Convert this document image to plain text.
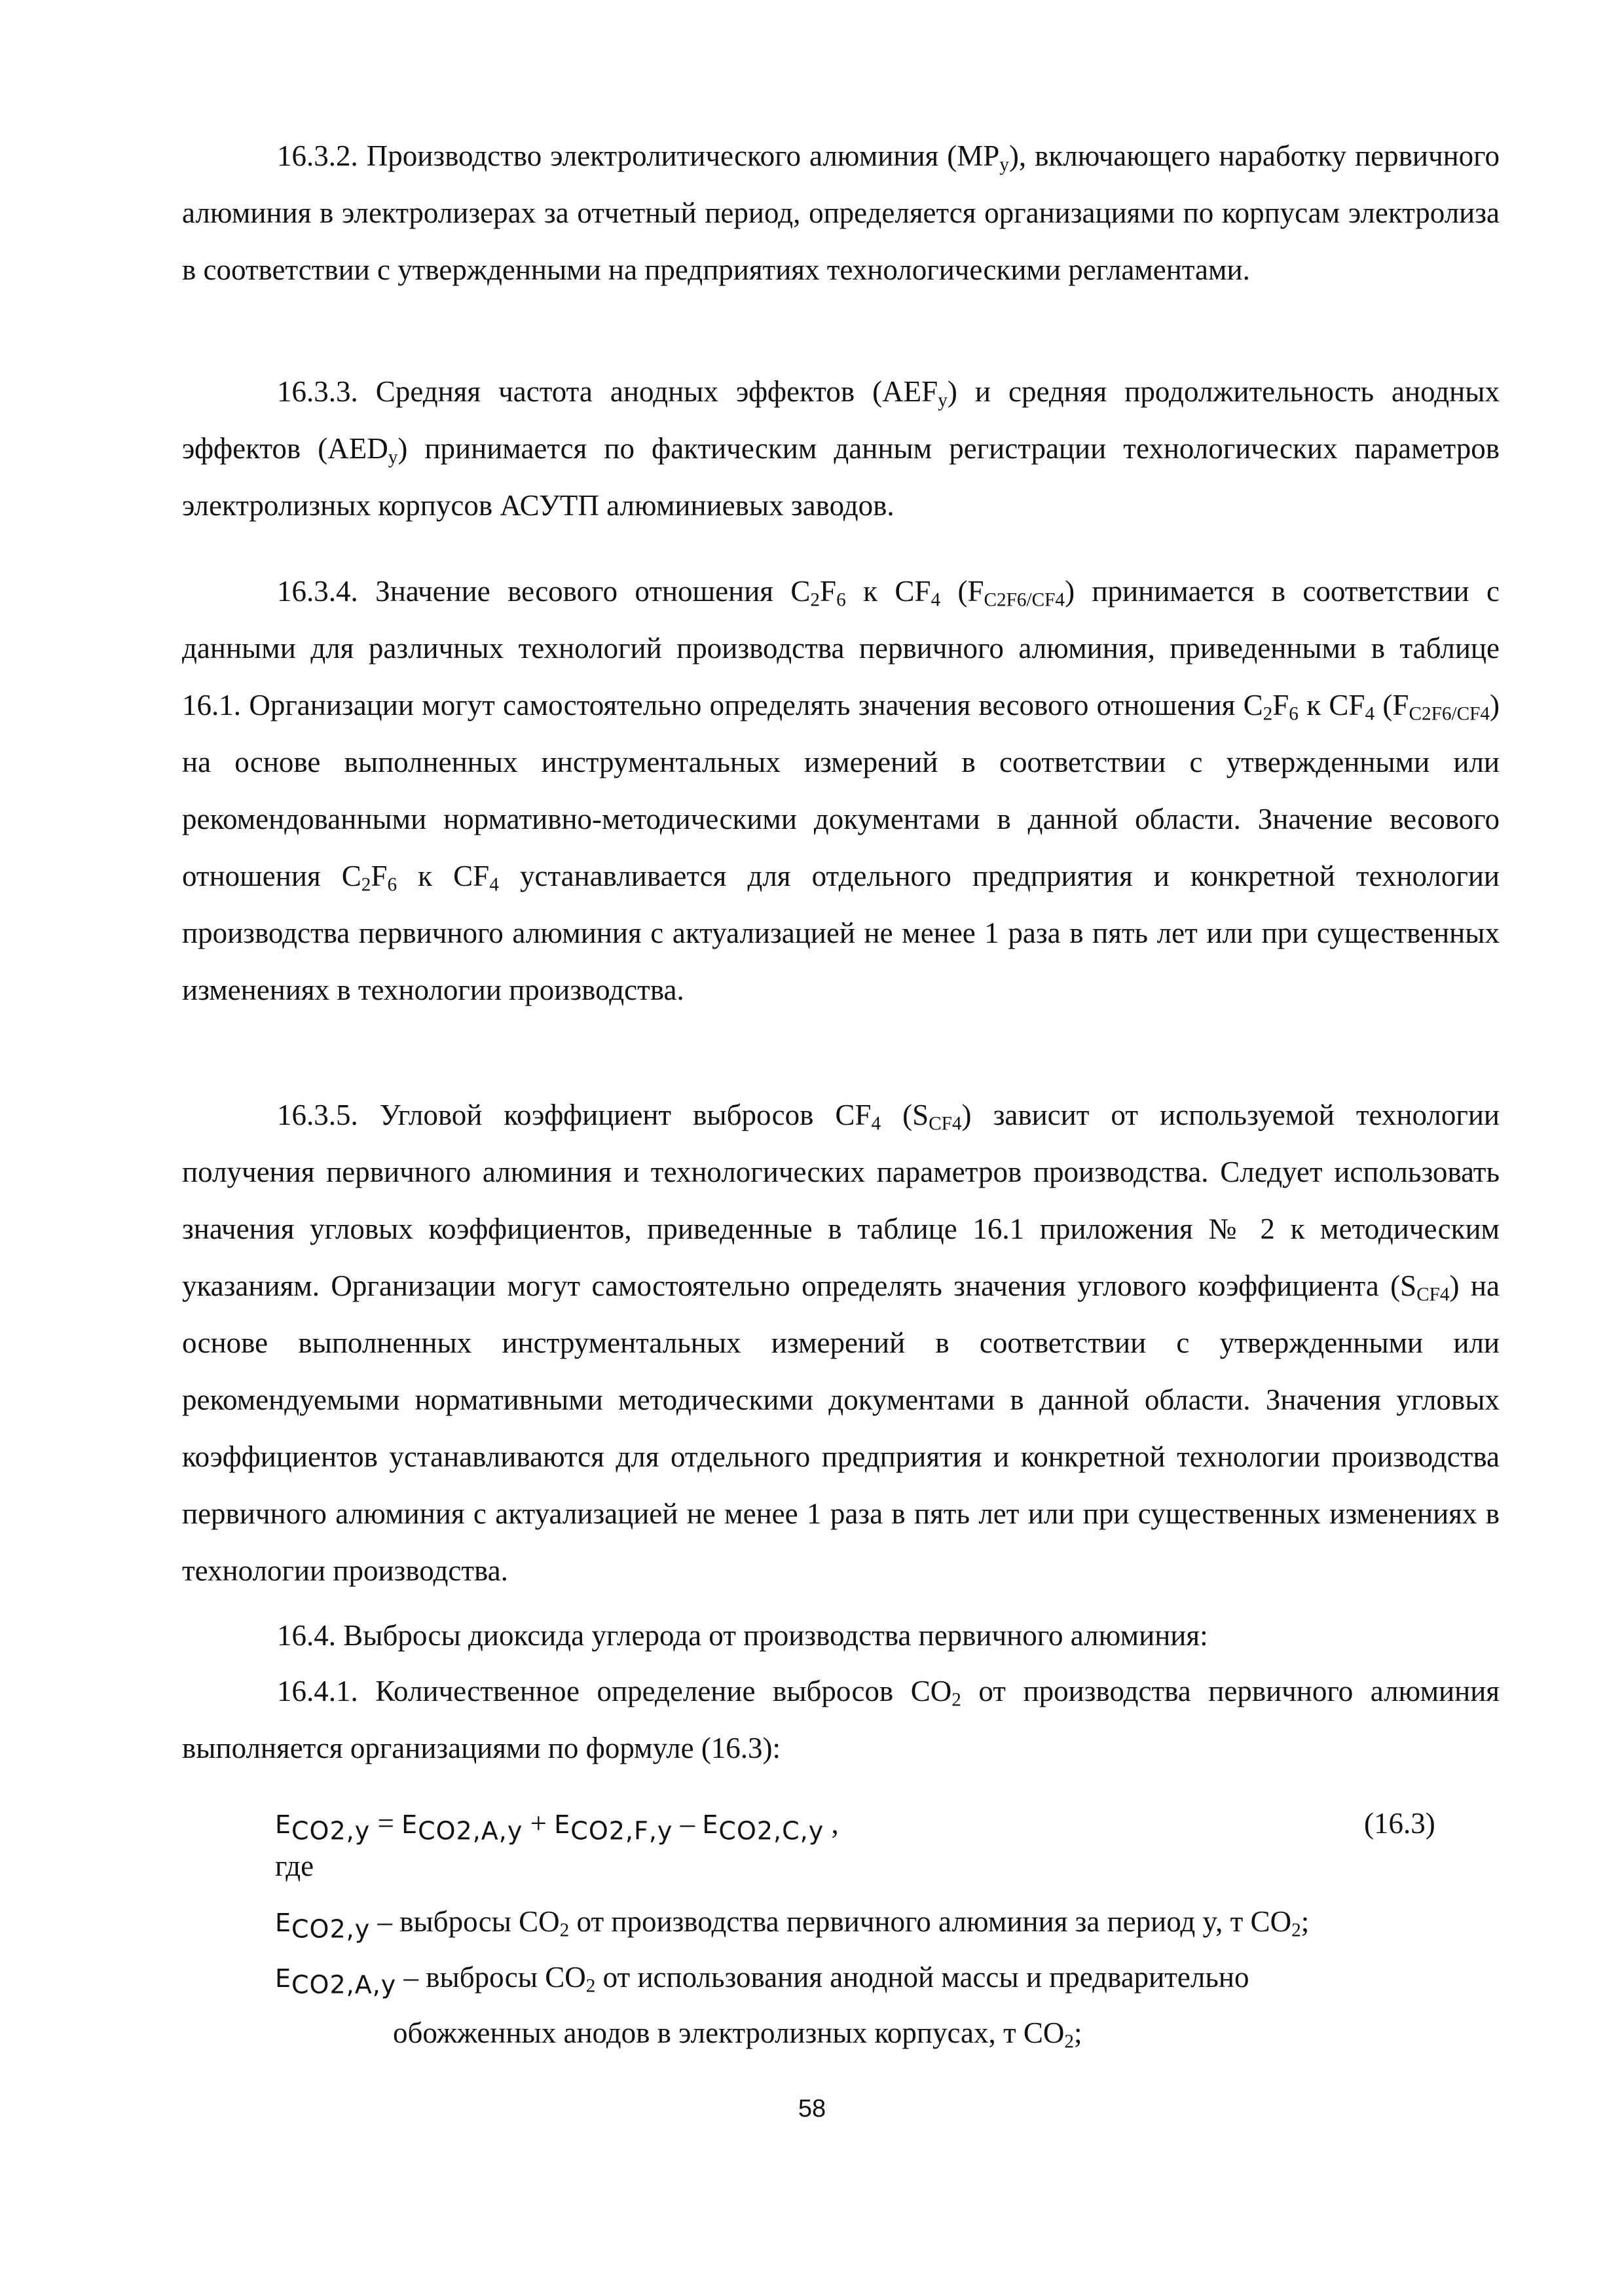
16.3.2. Производство электролитического алюминия $(MP_y)$, включающего наработку первичного алюминия в электролизерах за отчетный период, определяется организациями по корпусам электролиза в соответствии с утвержденными на предприятиях технологическими регламентами.
16.3.3. Средняя частота анодных эффектов $(AEF_y)$ и средняя продолжительность анодных эффектов $(AED_y)$ принимается по фактическим данным регистрации технологических параметров электролизных корпусов АСУТП алюминиевых заводов.
16.3.4. Значение весового отношения $C_2F_6$ к $CF_4$ $(F_{C2F6/CF4})$ принимается в соответствии с данными для различных технологий производства первичного алюминия, приведенными в таблице 16.1. Организации могут самостоятельно определять значения весового отношения $C_2F_6$ к $CF_4$ $(F_{C2F6/CF4})$ на основе выполненных инструментальных измерений в соответствии с утвержденными или рекомендованными нормативно-методическими документами в данной области. Значение весового отношения $C_2F_6$ к $CF_4$ устанавливается для отдельного предприятия и конкретной технологии производства первичного алюминия с актуализацией не менее 1 раза в пять лет или при существенных изменениях в технологии производства.
16.3.5. Угловой коэффициент выбросов $CF_4$ $(S_{CF4})$ зависит от используемой технологии получения первичного алюминия и технологических параметров производства. Следует использовать значения угловых коэффициентов, приведенные в таблице 16.1 приложения № 2 к методическим указаниям. Организации могут самостоятельно определять значения углового коэффициента $(S_{CF4})$ на основе выполненных инструментальных измерений в соответствии с утвержденными или рекомендуемыми нормативными методическими документами в данной области. Значения угловых коэффициентов устанавливаются для отдельного предприятия и конкретной технологии производства первичного алюминия с актуализацией не менее 1 раза в пять лет или при существенных изменениях в технологии производства.
16.4. Выбросы диоксида углерода от производства первичного алюминия:
16.4.1. Количественное определение выбросов $CO_2$ от производства первичного алюминия выполняется организациями по формуле (16.3):
$E_{CO2,y} = E_{CO2,A,y} + E_{CO2,F,y} - E_{CO2,C,y}$ ,	(16.3)
где
$E_{CO2,y}$ – выбросы $CO_2$ от производства первичного алюминия за период y, т $CO_2$;
$E_{CO2,A,y}$ – выбросы $CO_2$ от использования анодной массы и предварительно
обожженных анодов в электролизных корпусах, т $CO_2$;
58
